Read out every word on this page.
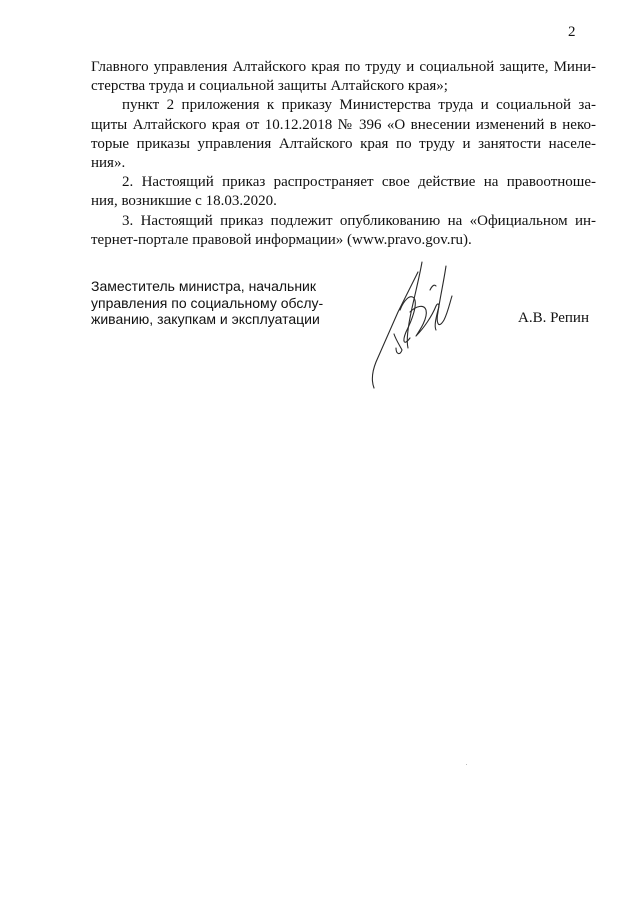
2
Главного управления Алтайского края по труду и социальной защите, Мини-
стерства труда и социальной защиты Алтайского края»;
пункт 2 приложения к приказу Министерства труда и социальной за-
щиты Алтайского края от 10.12.2018 № 396 «О внесении изменений в неко-
торые приказы управления Алтайского края по труду и занятости населе-
ния».
2. Настоящий приказ распространяет свое действие на правоотноше-
ния, возникшие с 18.03.2020.
3. Настоящий приказ подлежит опубликованию на «Официальном ин-
тернет-портале правовой информации» (www.pravo.gov.ru).
Заместитель министра, начальник
управления по социальному обслу-
живанию, закупкам и эксплуатации	А.В. Репин
